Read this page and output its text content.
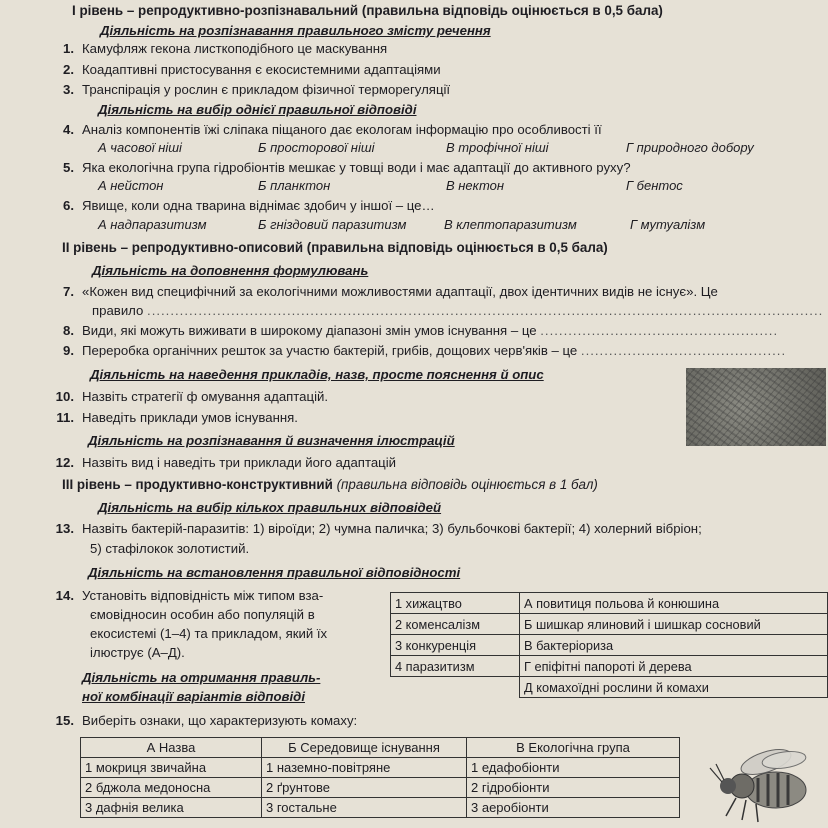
І рівень – репродуктивно-розпізнавальний (правильна відповідь оцінюється в 0,5 бала)
Діяльність на розпізнавання правильного змісту речення
1. Камуфляж гекона листкоподібного це маскування
2. Коадаптивні пристосування є екосистемними адаптаціями
3. Транспірація у рослин є прикладом фізичної терморегуляції
Діяльність на вибір однієї правильної відповіді
4. Аналіз компонентів їжі сліпака піщаного дає екологам інформацію про особливості її
А часової ніші	Б просторової ніші	В трофічної ніші	Г природного добору
5. Яка екологічна група гідробіонтів мешкає у товщі води і має адаптації до активного руху?
А нейстон	Б планктон	В нектон	Г бентос
6. Явище, коли одна тварина віднімає здобич у іншої – це…
А надпаразитизм	Б гніздовий паразитизм	В клептопаразитизм	Г мутуалізм
ІІ рівень – репродуктивно-описовий (правильна відповідь оцінюється в 0,5 бала)
Діяльність на доповнення формулювань
7. «Кожен вид специфічний за екологічними можливостями адаптації, двох ідентичних видів не існує». Це
правило .................................................................................................................................................
8. Види, які можуть виживати в широкому діапазоні змін умов існування – це ...................................................
9. Переробка органічних решток за участю бактерій, грибів, дощових черв'яків – це ............................................
Діяльність на наведення прикладів, назв, просте пояснення й опис
10. Назвіть стратегії ф омування адаптацій.
11. Наведіть приклади умов існування.
Діяльність на розпізнавання й визначення ілюстрацій
12. Назвіть вид і наведіть три приклади його адаптацій
ІІІ рівень – продуктивно-конструктивний (правильна відповідь оцінюється в 1 бал)
Діяльність на вибір кількох правильних відповідей
13. Назвіть бактерій-паразитів: 1) віроїди; 2) чумна паличка; 3) бульбочкові бактерії; 4) холерний вібріон;
5) стафілокок золотистий.
Діяльність на встановлення правильної відповідності
14. Установіть відповідність між типом вза-
ємовідносин особин або популяцій в
екосистемі (1–4) та прикладом, який їх
ілюструє (А–Д).
1 хижацтво	А повитиця польова й конюшина
2 коменсалізм	Б шишкар ялиновий і шишкар сосновий
3 конкуренція	В бактеріориза
4 паразитизм	Г епіфітні папороті й дерева
	Д комахоїдні рослини й комахи
Діяльність на отримання правиль-
ної комбінації варіантів відповіді
15. Виберіть ознаки, що характеризують комаху:
А Назва	Б Середовище існування	В Екологічна група
1 мокриця звичайна	1 наземно-повітряне	1 едафобіонти
2 бджола медоносна	2 ґрунтове	2 гідробіонти
3 дафнія велика	3 гостальне	3 аеробіонти
